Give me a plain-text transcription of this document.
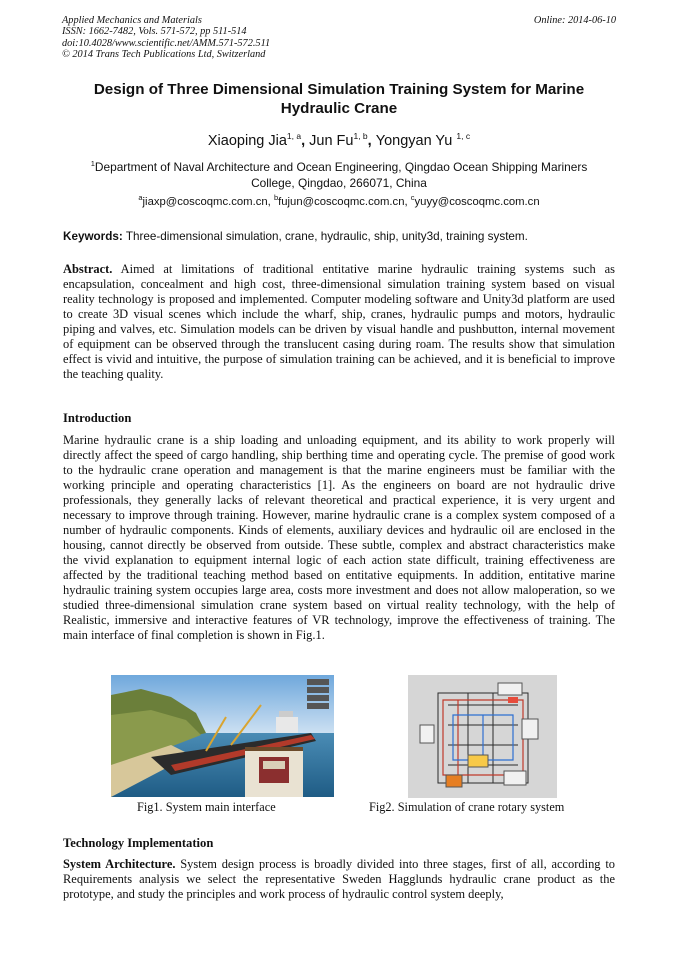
Applied Mechanics and Materials
ISSN: 1662-7482, Vols. 571-572, pp 511-514
doi:10.4028/www.scientific.net/AMM.571-572.511
© 2014 Trans Tech Publications Ltd, Switzerland
Online: 2014-06-10
Design of Three Dimensional Simulation Training System for Marine
Hydraulic Crane
Xiaoping Jia$^{1, a}$, Jun Fu$^{1, b}$, Yongyan Yu $^{1, c}$
$^1$Department of Naval Architecture and Ocean Engineering, Qingdao Ocean Shipping Mariners
College, Qingdao, 266071, China
$^a$jiaxp@coscoqmc.com.cn, $^b$fujun@coscoqmc.com.cn, $^c$yuyy@coscoqmc.com.cn
Keywords: Three-dimensional simulation, crane, hydraulic, ship, unity3d, training system.
Abstract. Aimed at limitations of traditional entitative marine hydraulic training systems such as encapsulation, concealment and high cost, three-dimensional simulation training system based on visual reality technology is proposed and implemented. Computer modeling software and Unity3d platform are used to create 3D visual scenes which include the wharf, ship, cranes, hydraulic pumps and motors, hydraulic piping and valves, etc. Simulation models can be driven by visual handle and pushbutton, internal movement of equipment can be observed through the translucent casing during roam. The results show that simulation effect is vivid and intuitive, the purpose of simulation training can be achieved, and it is beneficial to improve the teaching quality.
Introduction
Marine hydraulic crane is a ship loading and unloading equipment, and its ability to work properly will directly affect the speed of cargo handling, ship berthing time and operating cycle. The premise of good work to the hydraulic crane operation and management is that the marine engineers must be familiar with the working principle and operating characteristics [1]. As the engineers on board are not hydraulic drive professionals, they generally lacks of relevant theoretical and practical experience, it is very urgent and necessary to improve through training. However, marine hydraulic crane is a complex system composed of a number of hydraulic components. Kinds of elements, auxiliary devices and hydraulic oil are enclosed in the housing, cannot directly be observed from outside. These subtle, complex and abstract characteristics make the vivid explanation to equipment internal logic of each action state difficult, training effectiveness are affected by the traditional teaching method based on entitative equipments. In addition, entitative marine hydraulic training system occupies large area, costs more investment and does not allow maloperation, so we studied three-dimensional simulation crane system based on virtual reality technology, with the help of Realistic, immersive and interactive features of VR technology, improve the effectiveness of training. The main interface of final completion is shown in Fig.1.
Fig1. System main interface	Fig2. Simulation of crane rotary system
Technology Implementation
System Architecture. System design process is broadly divided into three stages, first of all, according to Requirements analysis we select the representative Sweden Hagglunds hydraulic crane product as the prototype, and study the principles and work process of hydraulic control system deeply,
